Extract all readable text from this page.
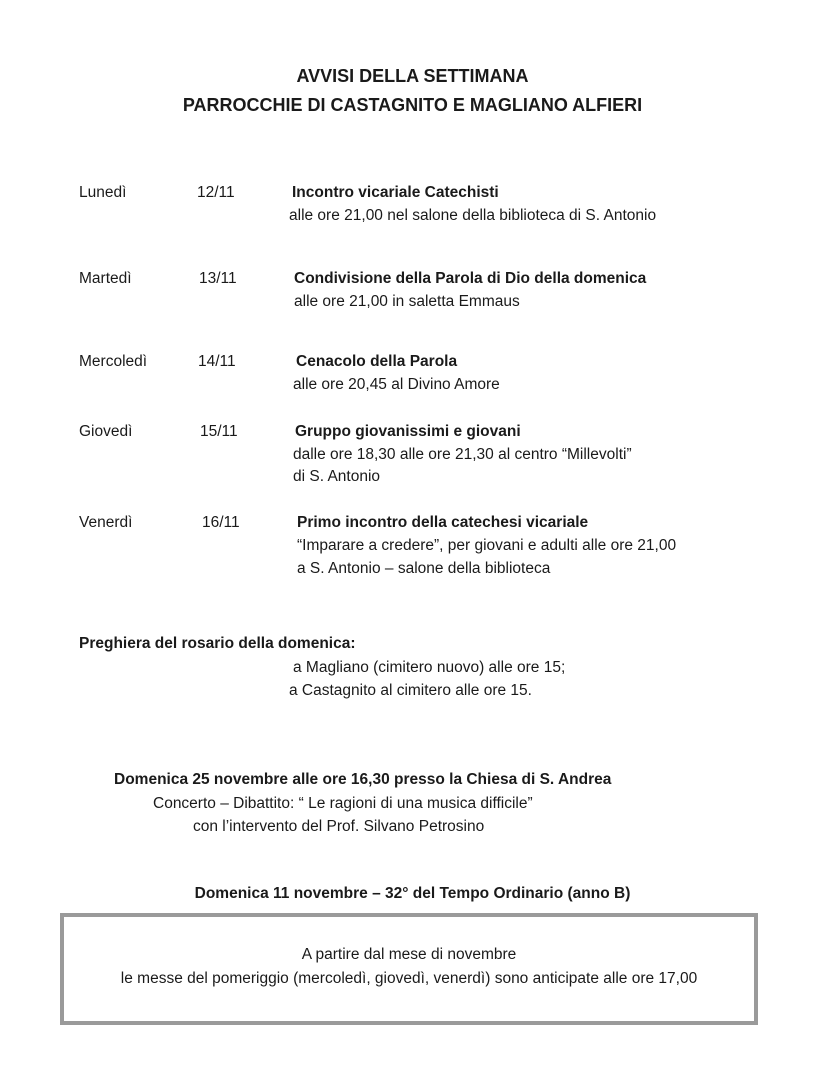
AVVISI DELLA SETTIMANA
PARROCCHIE DI CASTAGNITO E MAGLIANO ALFIERI
Lunedì	12/11	Incontro vicariale Catechisti
alle ore 21,00 nel salone della biblioteca di S. Antonio
Martedì	13/11	Condivisione della Parola di Dio della domenica
alle ore 21,00 in saletta Emmaus
Mercoledì	14/11	Cenacolo della Parola
alle ore 20,45 al Divino Amore
Giovedì	15/11	Gruppo giovanissimi e giovani
dalle ore 18,30 alle ore 21,30 al centro “Millevolti”
di S. Antonio
Venerdì	16/11	Primo incontro della catechesi vicariale
“Imparare a credere”, per giovani e adulti alle ore 21,00
a S. Antonio – salone della biblioteca
Preghiera del rosario della domenica:
a Magliano (cimitero nuovo) alle ore 15;
a Castagnito al cimitero alle ore 15.
Domenica 25 novembre alle ore 16,30 presso la Chiesa di S. Andrea
Concerto – Dibattito: “ Le ragioni di una musica difficile”
con l’intervento del Prof. Silvano Petrosino
Domenica 11 novembre – 32° del Tempo Ordinario (anno B)
A partire dal mese di novembre
le messe del pomeriggio (mercoledì, giovedì, venerdì) sono anticipate alle ore 17,00
